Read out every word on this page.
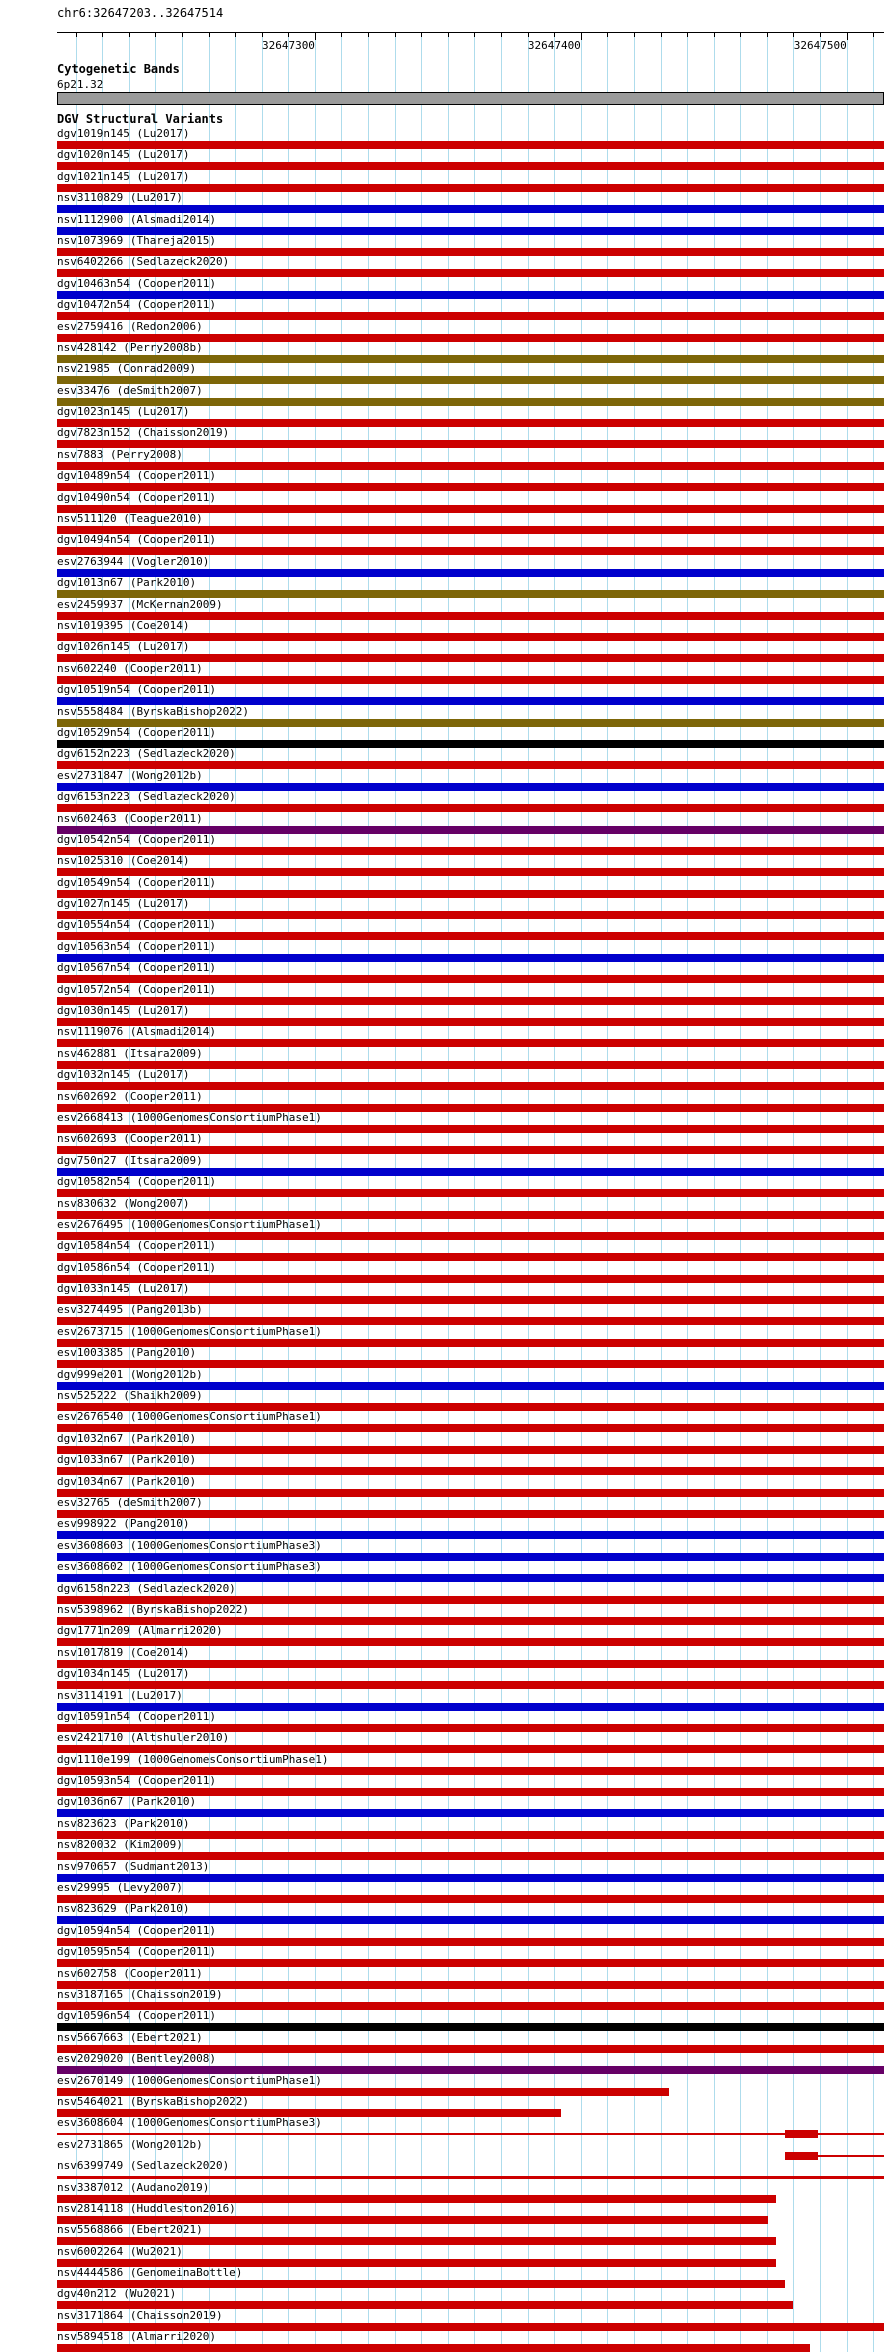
chr6:32647203..32647514
32647300	32647400	32647500
Cytogenetic Bands
6p21.32
DGV Structural Variants
dgv1019n145 (Lu2017)
dgv1020n145 (Lu2017)
dgv1021n145 (Lu2017)
nsv3110829 (Lu2017)
nsv1112900 (Alsmadi2014)
nsv1073969 (Thareja2015)
nsv6402266 (Sedlazeck2020)
dgv10463n54 (Cooper2011)
dgv10472n54 (Cooper2011)
esv2759416 (Redon2006)
nsv428142 (Perry2008b)
nsv21985 (Conrad2009)
esv33476 (deSmith2007)
dgv1023n145 (Lu2017)
dgv7823n152 (Chaisson2019)
nsv7883 (Perry2008)
dgv10489n54 (Cooper2011)
dgv10490n54 (Cooper2011)
nsv511120 (Teague2010)
dgv10494n54 (Cooper2011)
esv2763944 (Vogler2010)
dgv1013n67 (Park2010)
esv2459937 (McKernan2009)
nsv1019395 (Coe2014)
dgv1026n145 (Lu2017)
nsv602240 (Cooper2011)
dgv10519n54 (Cooper2011)
nsv5558484 (ByrskaBishop2022)
dgv10529n54 (Cooper2011)
dgv6152n223 (Sedlazeck2020)
esv2731847 (Wong2012b)
dgv6153n223 (Sedlazeck2020)
nsv602463 (Cooper2011)
dgv10542n54 (Cooper2011)
nsv1025310 (Coe2014)
dgv10549n54 (Cooper2011)
dgv1027n145 (Lu2017)
dgv10554n54 (Cooper2011)
dgv10563n54 (Cooper2011)
dgv10567n54 (Cooper2011)
dgv10572n54 (Cooper2011)
dgv1030n145 (Lu2017)
nsv1119076 (Alsmadi2014)
nsv462881 (Itsara2009)
dgv1032n145 (Lu2017)
nsv602692 (Cooper2011)
esv2668413 (1000GenomesConsortiumPhase1)
nsv602693 (Cooper2011)
dgv750n27 (Itsara2009)
dgv10582n54 (Cooper2011)
nsv830632 (Wong2007)
esv2676495 (1000GenomesConsortiumPhase1)
dgv10584n54 (Cooper2011)
dgv10586n54 (Cooper2011)
dgv1033n145 (Lu2017)
esv3274495 (Pang2013b)
esv2673715 (1000GenomesConsortiumPhase1)
esv1003385 (Pang2010)
dgv999e201 (Wong2012b)
nsv525222 (Shaikh2009)
esv2676540 (1000GenomesConsortiumPhase1)
dgv1032n67 (Park2010)
dgv1033n67 (Park2010)
dgv1034n67 (Park2010)
esv32765 (deSmith2007)
esv998922 (Pang2010)
esv3608603 (1000GenomesConsortiumPhase3)
esv3608602 (1000GenomesConsortiumPhase3)
dgv6158n223 (Sedlazeck2020)
nsv5398962 (ByrskaBishop2022)
dgv1771n209 (Almarri2020)
nsv1017819 (Coe2014)
dgv1034n145 (Lu2017)
nsv3114191 (Lu2017)
dgv10591n54 (Cooper2011)
esv2421710 (Altshuler2010)
dgv1110e199 (1000GenomesConsortiumPhase1)
dgv10593n54 (Cooper2011)
dgv1036n67 (Park2010)
nsv823623 (Park2010)
nsv820032 (Kim2009)
nsv970657 (Sudmant2013)
esv29995 (Levy2007)
nsv823629 (Park2010)
dgv10594n54 (Cooper2011)
dgv10595n54 (Cooper2011)
nsv602758 (Cooper2011)
nsv3187165 (Chaisson2019)
dgv10596n54 (Cooper2011)
nsv5667663 (Ebert2021)
esv2029020 (Bentley2008)
esv2670149 (1000GenomesConsortiumPhase1)
nsv5464021 (ByrskaBishop2022)
esv3608604 (1000GenomesConsortiumPhase3)
esv2731865 (Wong2012b)
nsv6399749 (Sedlazeck2020)
nsv3387012 (Audano2019)
nsv2814118 (Huddleston2016)
nsv5568866 (Ebert2021)
nsv6002264 (Wu2021)
nsv4444586 (GenomeinaBottle)
dgv40n212 (Wu2021)
nsv3171864 (Chaisson2019)
nsv5894518 (Almarri2020)
